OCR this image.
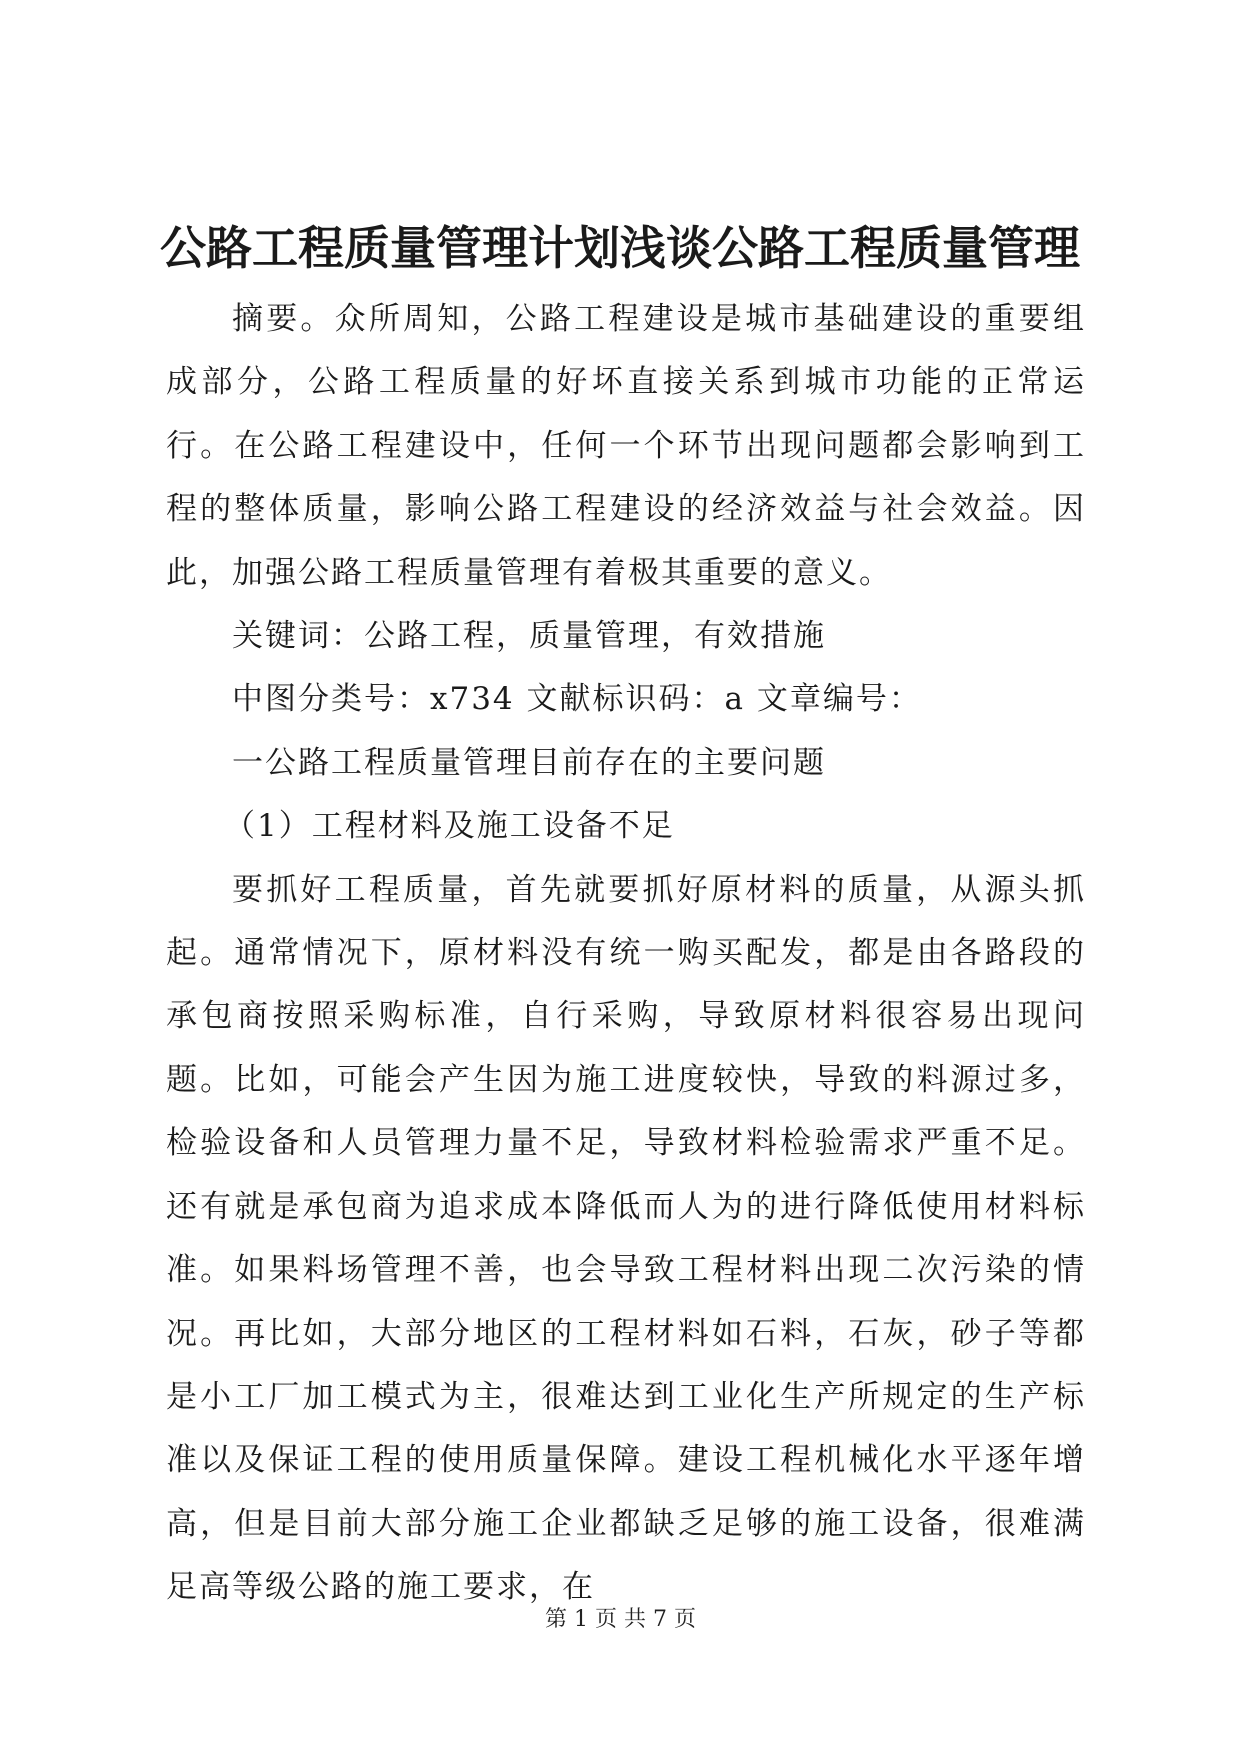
公路工程质量管理计划浅谈公路工程质量管理

摘要。众所周知，公路工程建设是城市基础建设的重要组成部分，公路工程质量的好坏直接关系到城市功能的正常运行。在公路工程建设中，任何一个环节出现问题都会影响到工程的整体质量，影响公路工程建设的经济效益与社会效益。因此，加强公路工程质量管理有着极其重要的意义。

关键词：公路工程，质量管理，有效措施

中图分类号：x734 文献标识码：a 文章编号：

一公路工程质量管理目前存在的主要问题

（1）工程材料及施工设备不足

要抓好工程质量，首先就要抓好原材料的质量，从源头抓起。通常情况下，原材料没有统一购买配发，都是由各路段的承包商按照采购标准，自行采购，导致原材料很容易出现问题。比如，可能会产生因为施工进度较快，导致的料源过多，检验设备和人员管理力量不足，导致材料检验需求严重不足。还有就是承包商为追求成本降低而人为的进行降低使用材料标准。如果料场管理不善，也会导致工程材料出现二次污染的情况。再比如，大部分地区的工程材料如石料，石灰，砂子等都是小工厂加工模式为主，很难达到工业化生产所规定的生产标准以及保证工程的使用质量保障。建设工程机械化水平逐年增高，但是目前大部分施工企业都缺乏足够的施工设备，很难满足高等级公路的施工要求，在

第 1 页 共 7 页
